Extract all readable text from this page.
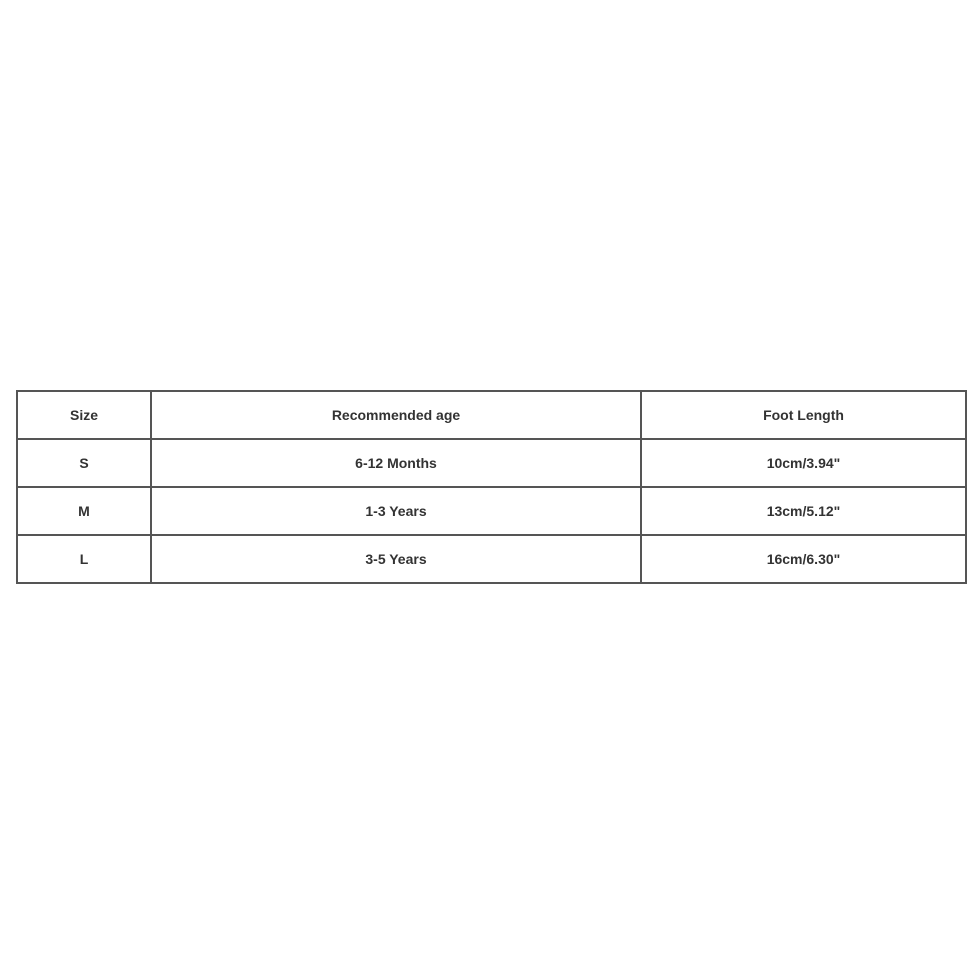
Size	Recommended age	Foot Length
S	6-12 Months	10cm/3.94"
M	1-3 Years	13cm/5.12"
L	3-5 Years	16cm/6.30"
